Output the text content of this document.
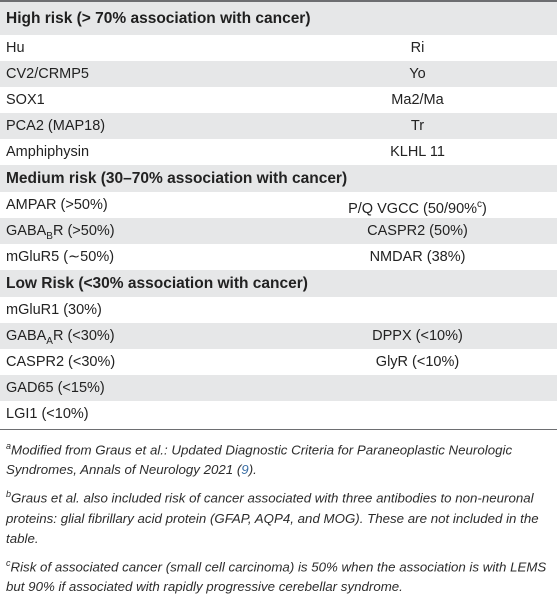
High risk (> 70% association with cancer)
Hu	Ri
CV2/CRMP5	Yo
SOX1	Ma2/Ma
PCA2 (MAP18)	Tr
Amphiphysin	KLHL 11
Medium risk (30–70% association with cancer)
AMPAR (>50%)	P/Q VGCC (50/90%$^c$)
$GABA_BR$ (>50%)	CASPR2 (50%)
mGluR5 (∼50%)	NMDAR (38%)
Low Risk (<30% association with cancer)
mGluR1 (30%)
$GABA_AR$ (<30%)	DPPX (<10%)
CASPR2 (<30%)	GlyR (<10%)
GAD65 (<15%)
LGI1 (<10%)
$^a$Modified from Graus et al.: Updated Diagnostic Criteria for Paraneoplastic Neurologic Syndromes, Annals of Neurology 2021 (9).
$^b$Graus et al. also included risk of cancer associated with three antibodies to non-neuronal proteins: glial fibrillary acid protein (GFAP, AQP4, and MOG). These are not included in the table.
$^c$Risk of associated cancer (small cell carcinoma) is 50% when the association is with LEMS but 90% if associated with rapidly progressive cerebellar syndrome.
